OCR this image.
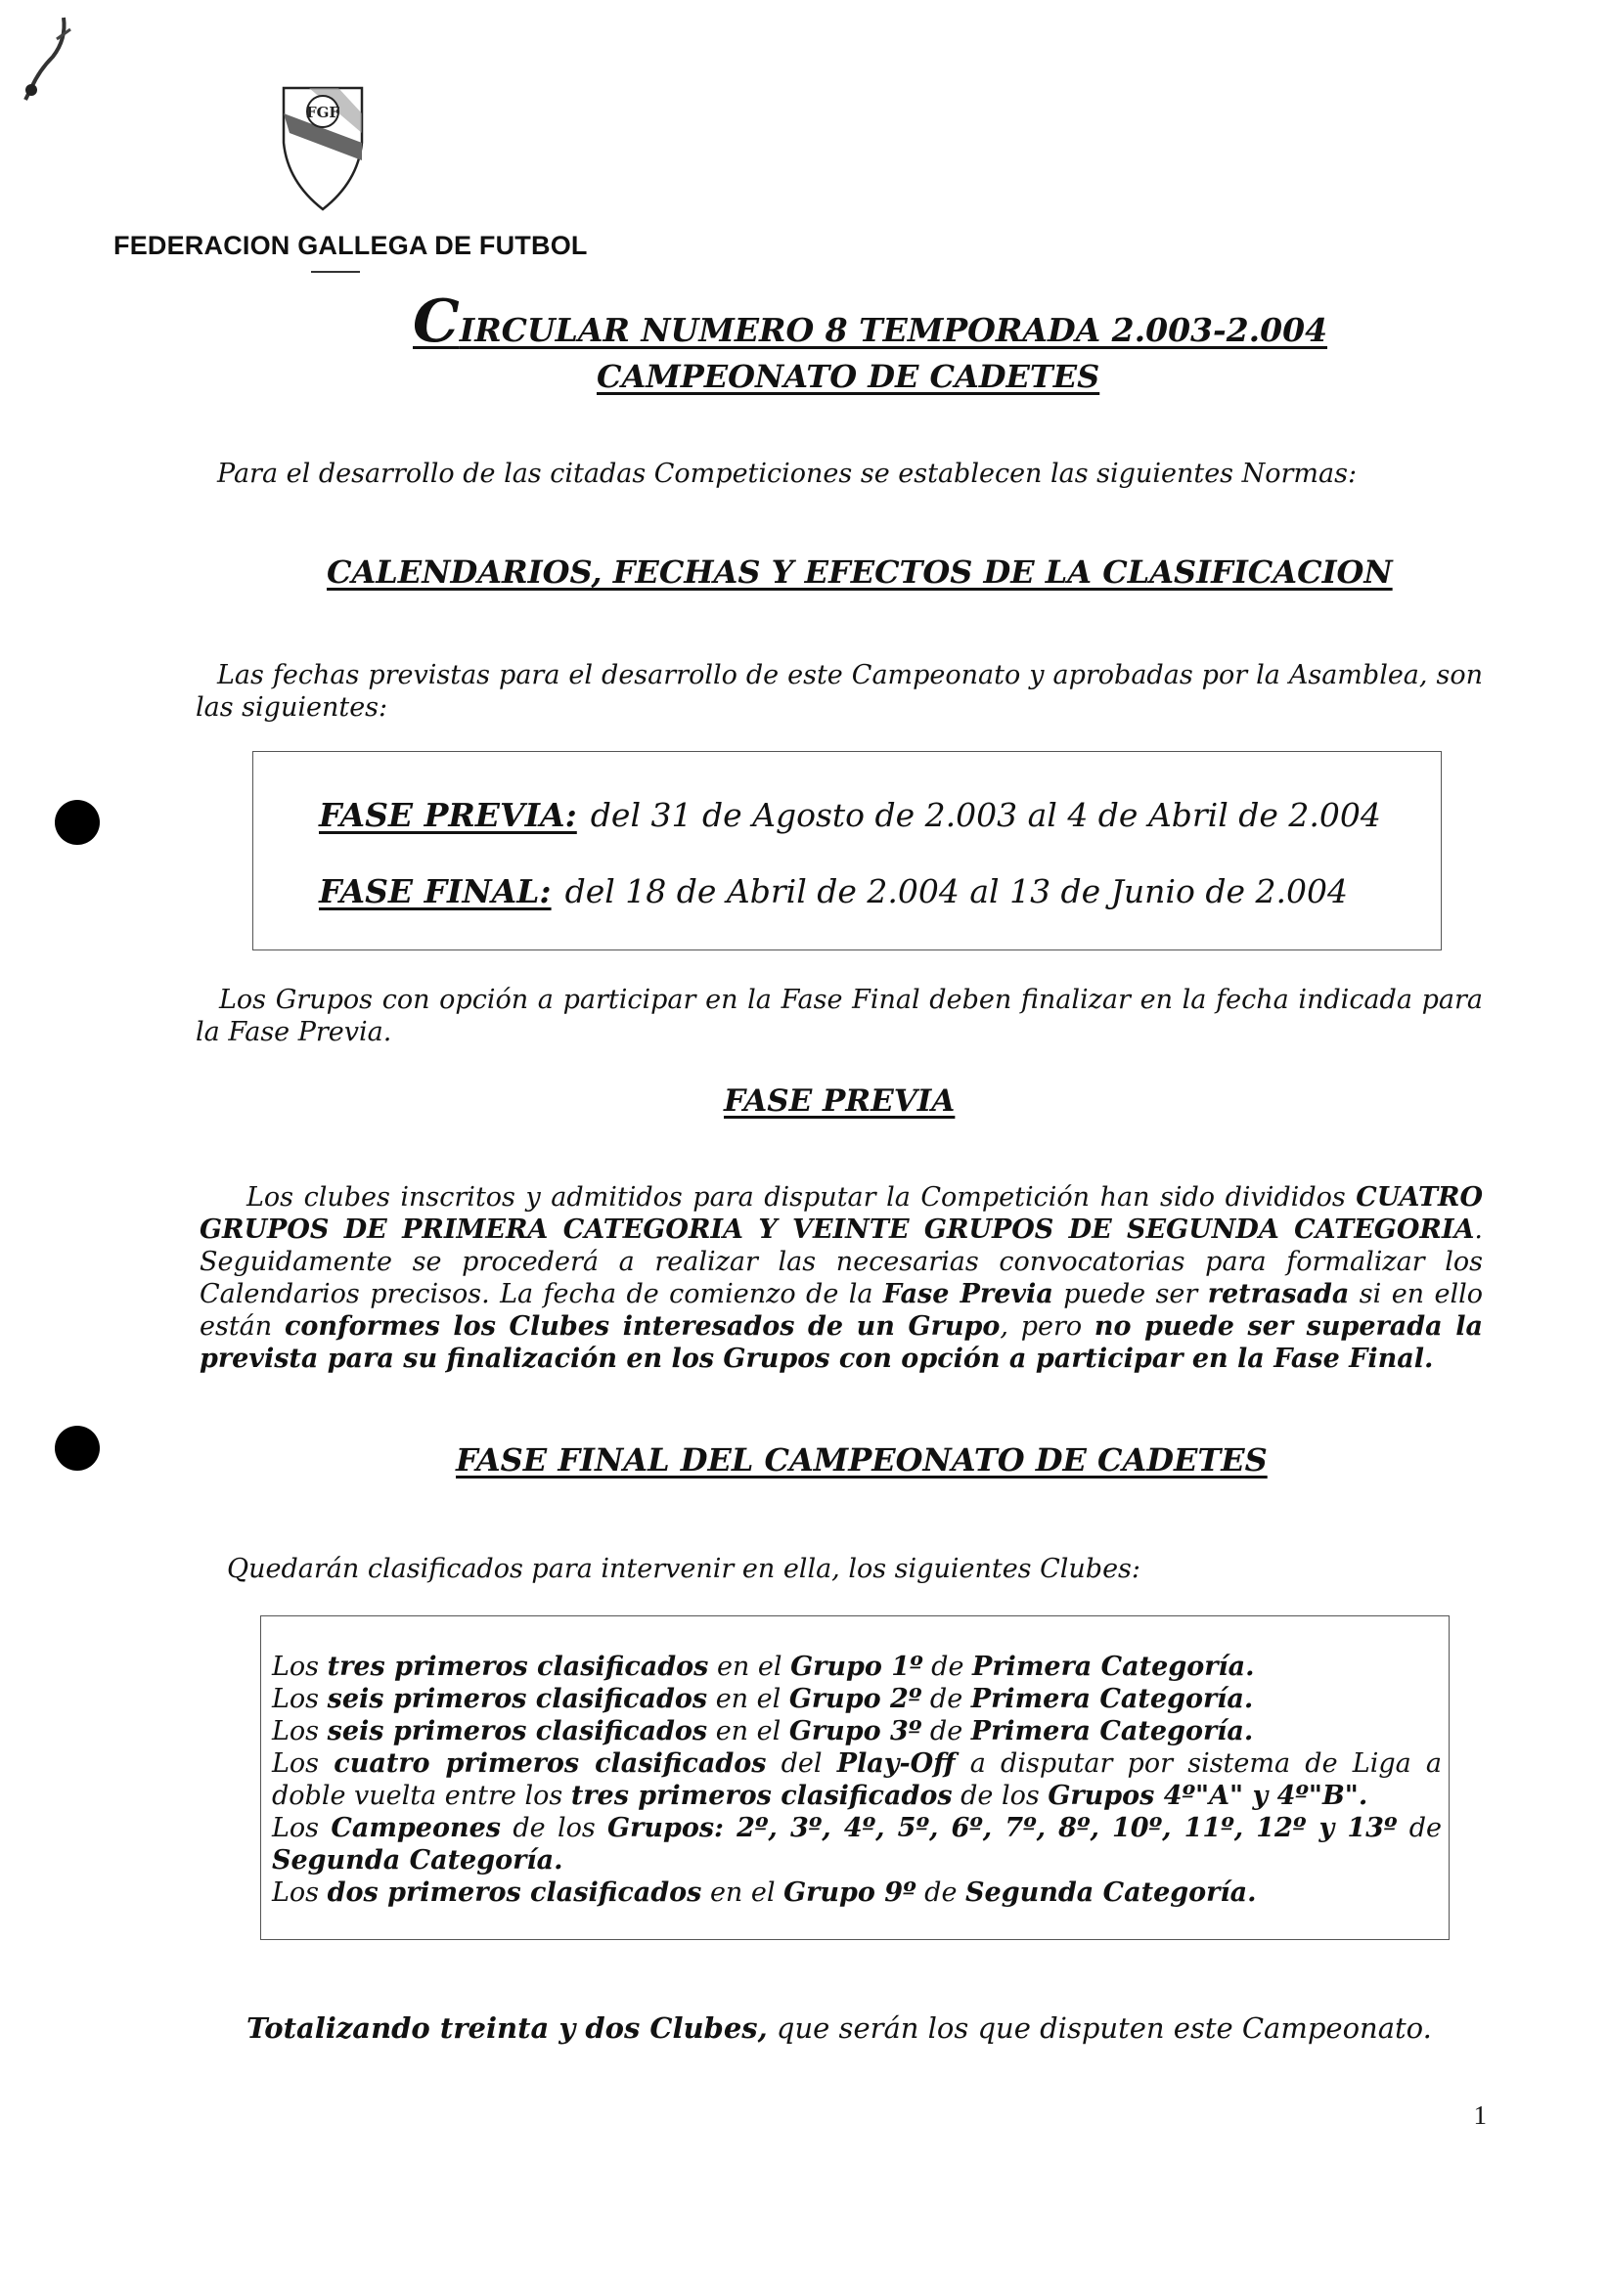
FGF
FEDERACION GALLEGA DE FUTBOL
CIRCULAR NUMERO 8 TEMPORADA 2.003-2.004
CAMPEONATO DE CADETES
Para el desarrollo de las citadas Competiciones se establecen las siguientes Normas:
CALENDARIOS, FECHAS Y EFECTOS DE LA CLASIFICACION
Las fechas previstas para el desarrollo de este Campeonato y aprobadas por la Asamblea, son las siguientes:
FASE PREVIA: del 31 de Agosto de 2.003 al 4 de Abril de 2.004
FASE FINAL: del 18 de Abril de 2.004 al 13 de Junio de 2.004
Los Grupos con opción a participar en la Fase Final deben finalizar en la fecha indicada para la Fase Previa.
FASE PREVIA
Los clubes inscritos y admitidos para disputar la Competición han sido divididos CUATRO GRUPOS DE PRIMERA CATEGORIA Y VEINTE GRUPOS DE SEGUNDA CATEGORIA. Seguidamente se procederá a realizar las necesarias convocatorias para formalizar los Calendarios precisos. La fecha de comienzo de la Fase Previa puede ser retrasada si en ello están conformes los Clubes interesados de un Grupo, pero no puede ser superada la prevista para su finalización en los Grupos con opción a participar en la Fase Final.
FASE FINAL DEL CAMPEONATO DE CADETES
Quedarán clasificados para intervenir en ella, los siguientes Clubes:
Los tres primeros clasificados en el Grupo 1º de Primera Categoría.
Los seis primeros clasificados en el Grupo 2º de Primera Categoría.
Los seis primeros clasificados en el Grupo 3º de Primera Categoría.
Los cuatro primeros clasificados del Play-Off a disputar por sistema de Liga a doble vuelta entre los tres primeros clasificados de los Grupos 4º"A" y 4º"B".
Los Campeones de los Grupos: 2º, 3º, 4º, 5º, 6º, 7º, 8º, 10º, 11º, 12º y 13º de Segunda Categoría.
Los dos primeros clasificados en el Grupo 9º de Segunda Categoría.
Totalizando treinta y dos Clubes, que serán los que disputen este Campeonato.
1
